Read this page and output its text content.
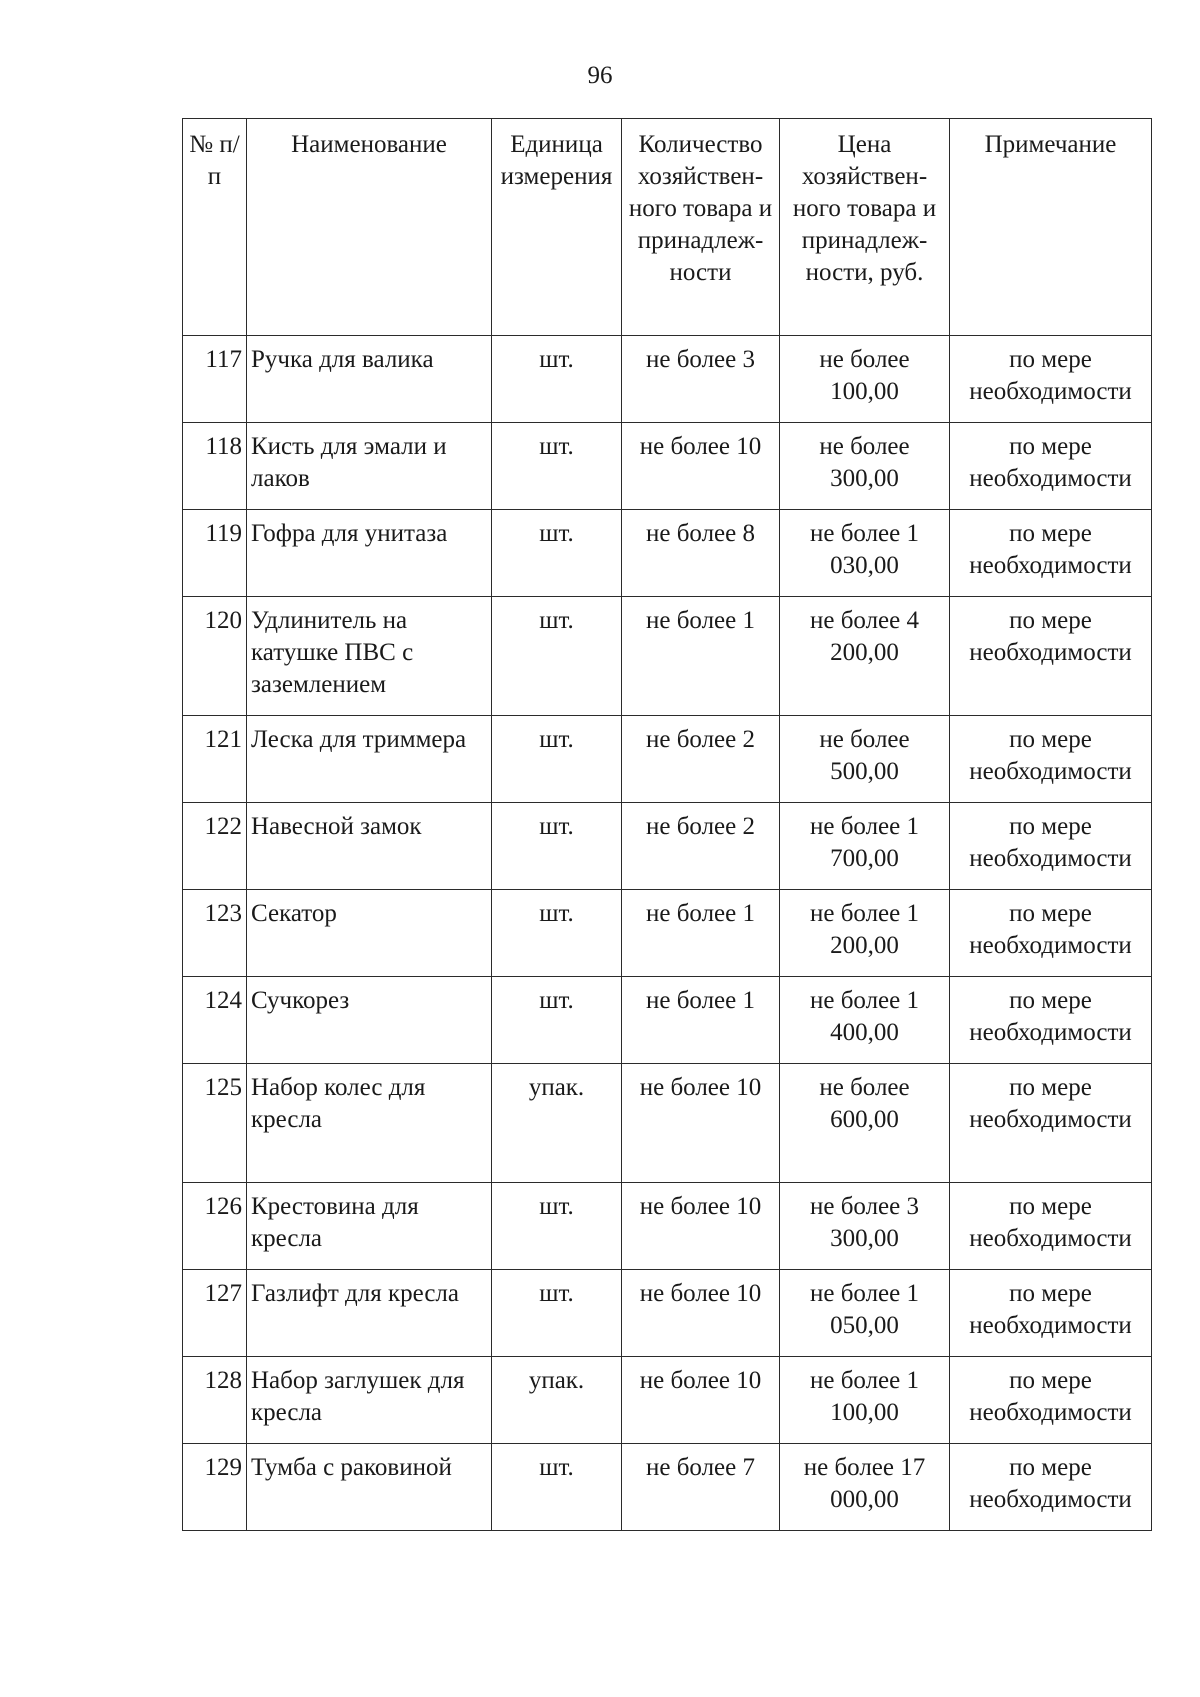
96
№ п/п	Наименование	Единица измерения	Количество хозяйствен-ного товара и принадлеж-ности	Цена хозяйствен-ного товара и принадлеж-ности, руб.	Примечание
117	Ручка для валика	шт.	не более 3	не более 100,00	по мере необходимости
118	Кисть для эмали и лаков	шт.	не более 10	не более 300,00	по мере необходимости
119	Гофра для унитаза	шт.	не более 8	не более 1 030,00	по мере необходимости
120	Удлинитель на катушке ПВС с заземлением	шт.	не более 1	не более 4 200,00	по мере необходимости
121	Леска для триммера	шт.	не более 2	не более 500,00	по мере необходимости
122	Навесной замок	шт.	не более 2	не более 1 700,00	по мере необходимости
123	Секатор	шт.	не более 1	не более 1 200,00	по мере необходимости
124	Сучкорез	шт.	не более 1	не более 1 400,00	по мере необходимости
125	Набор колес для кресла	упак.	не более 10	не более 600,00	по мере необходимости
126	Крестовина для кресла	шт.	не более 10	не более 3 300,00	по мере необходимости
127	Газлифт для кресла	шт.	не более 10	не более 1 050,00	по мере необходимости
128	Набор заглушек для кресла	упак.	не более 10	не более 1 100,00	по мере необходимости
129	Тумба с раковиной	шт.	не более 7	не более 17 000,00	по мере необходимости
